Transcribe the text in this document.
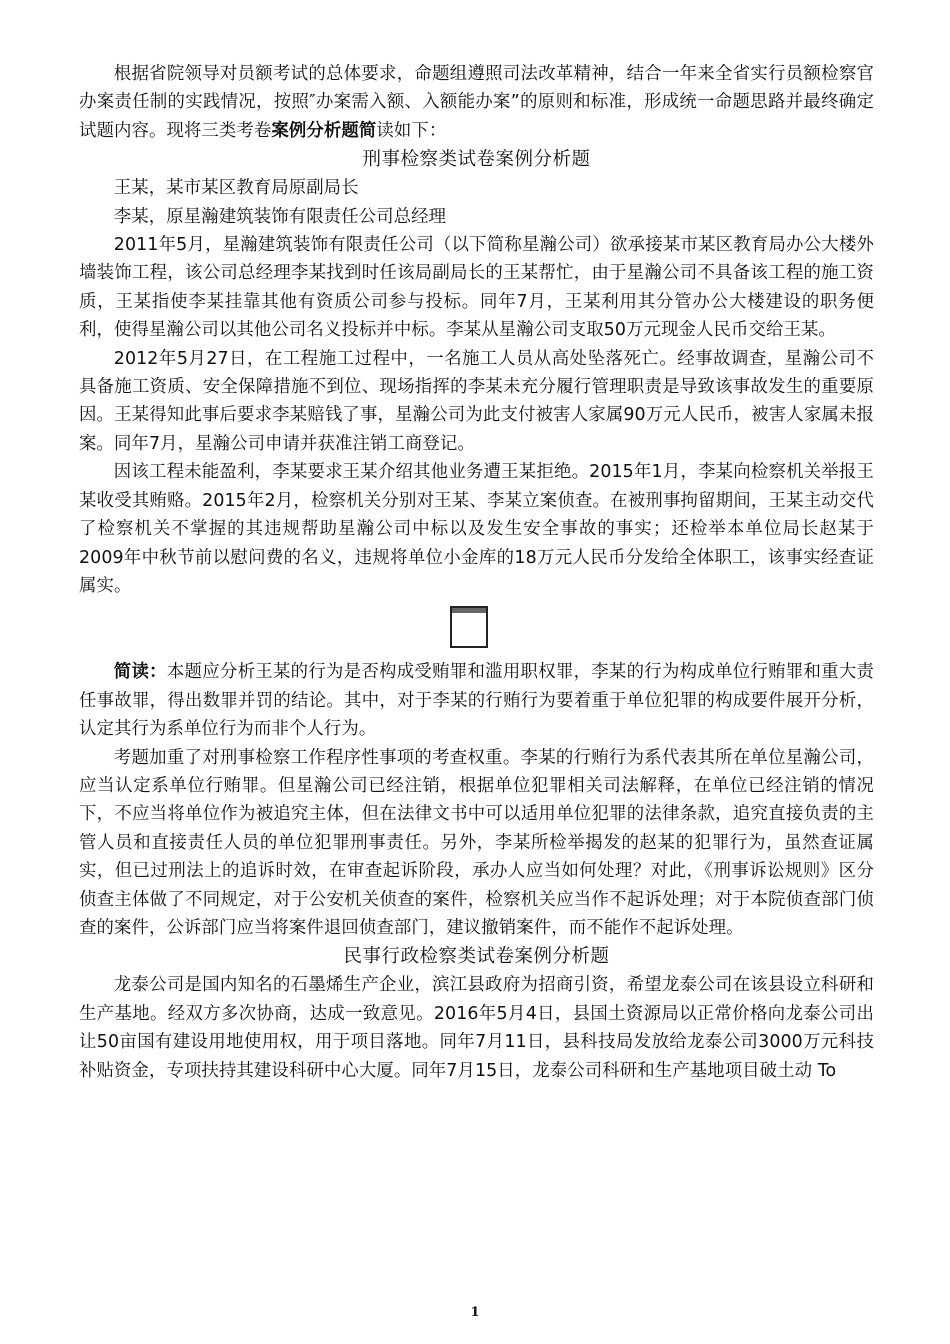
根据省院领导对员额考试的总体要求，命题组遵照司法改革精神，结合一年来全省实行员额检察官办案责任制的实践情况，按照″办案需入额、入额能办案”的原则和标准，形成统一命题思路并最终确定试题内容。现将三类考卷案例分析题简读如下：

刑事检察类试卷案例分析题

王某，某市某区教育局原副局长

李某，原星瀚建筑装饰有限责任公司总经理

2011年5月，星瀚建筑装饰有限责任公司（以下简称星瀚公司）欲承接某市某区教育局办公大楼外墙装饰工程，该公司总经理李某找到时任该局副局长的王某帮忙，由于星瀚公司不具备该工程的施工资质，王某指使李某挂靠其他有资质公司参与投标。同年7月，王某利用其分管办公大楼建设的职务便利，使得星瀚公司以其他公司名义投标并中标。李某从星瀚公司支取50万元现金人民币交给王某。

2012年5月27日，在工程施工过程中，一名施工人员从高处坠落死亡。经事故调查，星瀚公司不具备施工资质、安全保障措施不到位、现场指挥的李某未充分履行管理职责是导致该事故发生的重要原因。王某得知此事后要求李某赔钱了事，星瀚公司为此支付被害人家属90万元人民币，被害人家属未报案。同年7月，星瀚公司申请并获准注销工商登记。

因该工程未能盈利，李某要求王某介绍其他业务遭王某拒绝。2015年1月，李某向检察机关举报王某收受其贿赂。2015年2月，检察机关分别对王某、李某立案侦查。在被刑事拘留期间，王某主动交代了检察机关不掌握的其违规帮助星瀚公司中标以及发生安全事故的事实；还检举本单位局长赵某于2009年中秋节前以慰问费的名义，违规将单位小金库的18万元人民币分发给全体职工，该事实经查证属实。

简读：本题应分析王某的行为是否构成受贿罪和滥用职权罪，李某的行为构成单位行贿罪和重大责任事故罪，得出数罪并罚的结论。其中，对于李某的行贿行为要着重于单位犯罪的构成要件展开分析，认定其行为系单位行为而非个人行为。

考题加重了对刑事检察工作程序性事项的考查权重。李某的行贿行为系代表其所在单位星瀚公司，应当认定系单位行贿罪。但星瀚公司已经注销，根据单位犯罪相关司法解释，在单位已经注销的情况下，不应当将单位作为被追究主体，但在法律文书中可以适用单位犯罪的法律条款，追究直接负责的主管人员和直接责任人员的单位犯罪刑事责任。另外，李某所检举揭发的赵某的犯罪行为，虽然查证属实，但已过刑法上的追诉时效，在审查起诉阶段，承办人应当如何处理？对此，《刑事诉讼规则》区分侦查主体做了不同规定，对于公安机关侦查的案件，检察机关应当作不起诉处理；对于本院侦查部门侦查的案件，公诉部门应当将案件退回侦查部门，建议撤销案件，而不能作不起诉处理。

民事行政检察类试卷案例分析题

龙泰公司是国内知名的石墨烯生产企业，滨江县政府为招商引资，希望龙泰公司在该县设立科研和生产基地。经双方多次协商，达成一致意见。2016年5月4日，县国土资源局以正常价格向龙泰公司出让50亩国有建设用地使用权，用于项目落地。同年7月11日，县科技局发放给龙泰公司3000万元科技补贴资金，专项扶持其建设科研中心大厦。同年7月15日，龙泰公司科研和生产基地项目破土动 To

1
